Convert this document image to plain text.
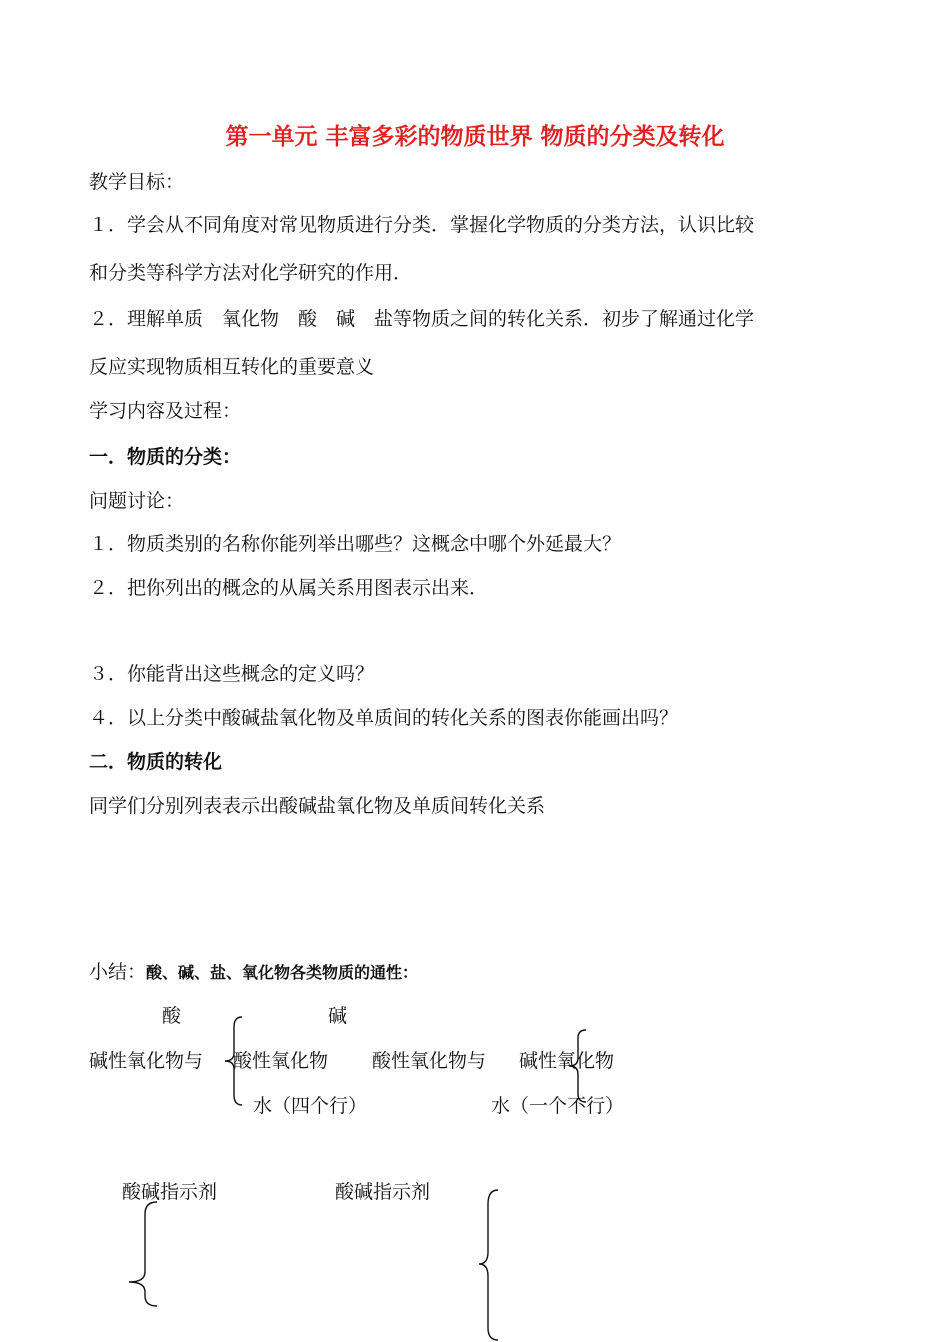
第一单元 丰富多彩的物质世界 物质的分类及转化
教学目标：
１．学会从不同角度对常见物质进行分类．掌握化学物质的分类方法，认识比较
和分类等科学方法对化学研究的作用．
２．理解单质　氧化物　酸　碱　盐等物质之间的转化关系．初步了解通过化学
反应实现物质相互转化的重要意义
学习内容及过程：
一．物质的分类：
问题讨论：
１．物质类别的名称你能列举出哪些？这概念中哪个外延最大？
２．把你列出的概念的从属关系用图表示出来．
３．你能背出这些概念的定义吗？
４．以上分类中酸碱盐氧化物及单质间的转化关系的图表你能画出吗？
二．物质的转化
同学们分别列表表示出酸碱盐氧化物及单质间转化关系
小结：酸、碱、盐、氧化物各类物质的通性：
酸	碱
碱性氧化物与 酸性氧化物 酸性氧化物与 碱性氧化物
水（四个行）	水（一个不行）
酸碱指示剂	酸碱指示剂
